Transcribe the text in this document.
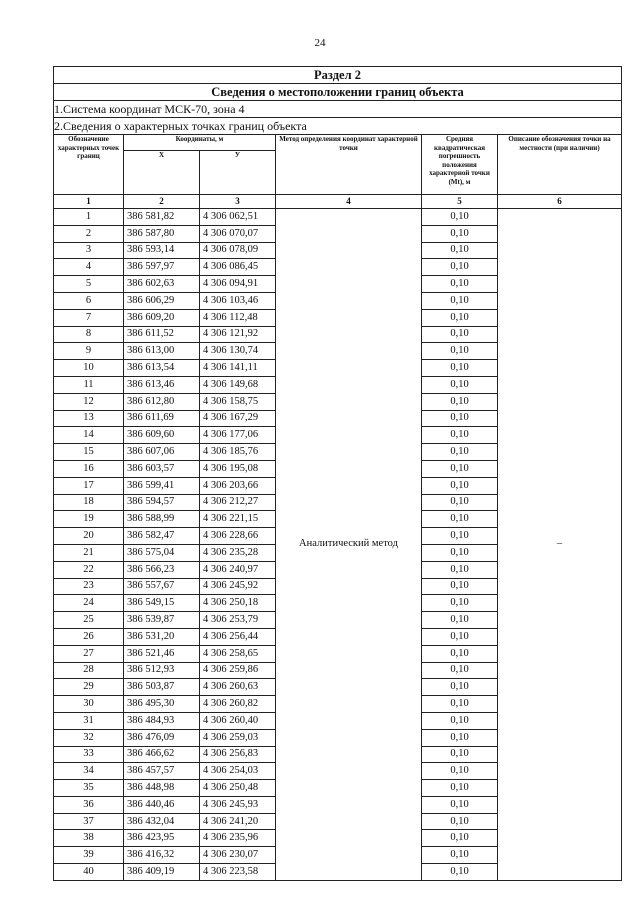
24
Раздел 2					
Сведения о местоположении границ объекта					
1.Система координат МСК-70, зона 4					
2.Сведения о характерных точках границ объекта					
Обозначение характерных точек границ	Координаты, м		Метод определения координат характерной точки	Средняя квадратическая погрешность положения характерной точки (Mt), м	Описание обозначения точки на местности (при наличии)
	X	У			
1	2	3	4	5	6
1	386 581,82	4 306 062,51	Аналитический метод	0,10	–
2	386 587,80	4 306 070,07		0,10	
3	386 593,14	4 306 078,09		0,10	
4	386 597,97	4 306 086,45		0,10	
5	386 602,63	4 306 094,91		0,10	
6	386 606,29	4 306 103,46		0,10	
7	386 609,20	4 306 112,48		0,10	
8	386 611,52	4 306 121,92		0,10	
9	386 613,00	4 306 130,74		0,10	
10	386 613,54	4 306 141,11		0,10	
11	386 613,46	4 306 149,68		0,10	
12	386 612,80	4 306 158,75		0,10	
13	386 611,69	4 306 167,29		0,10	
14	386 609,60	4 306 177,06		0,10	
15	386 607,06	4 306 185,76		0,10	
16	386 603,57	4 306 195,08		0,10	
17	386 599,41	4 306 203,66		0,10	
18	386 594,57	4 306 212,27		0,10	
19	386 588,99	4 306 221,15		0,10	
20	386 582,47	4 306 228,66		0,10	
21	386 575,04	4 306 235,28		0,10	
22	386 566,23	4 306 240,97		0,10	
23	386 557,67	4 306 245,92		0,10	
24	386 549,15	4 306 250,18		0,10	
25	386 539,87	4 306 253,79		0,10	
26	386 531,20	4 306 256,44		0,10	
27	386 521,46	4 306 258,65		0,10	
28	386 512,93	4 306 259,86		0,10	
29	386 503,87	4 306 260,63		0,10	
30	386 495,30	4 306 260,82		0,10	
31	386 484,93	4 306 260,40		0,10	
32	386 476,09	4 306 259,03		0,10	
33	386 466,62	4 306 256,83		0,10	
34	386 457,57	4 306 254,03		0,10	
35	386 448,98	4 306 250,48		0,10	
36	386 440,46	4 306 245,93		0,10	
37	386 432,04	4 306 241,20		0,10	
38	386 423,95	4 306 235,96		0,10	
39	386 416,32	4 306 230,07		0,10	
40	386 409,19	4 306 223,58		0,10	
